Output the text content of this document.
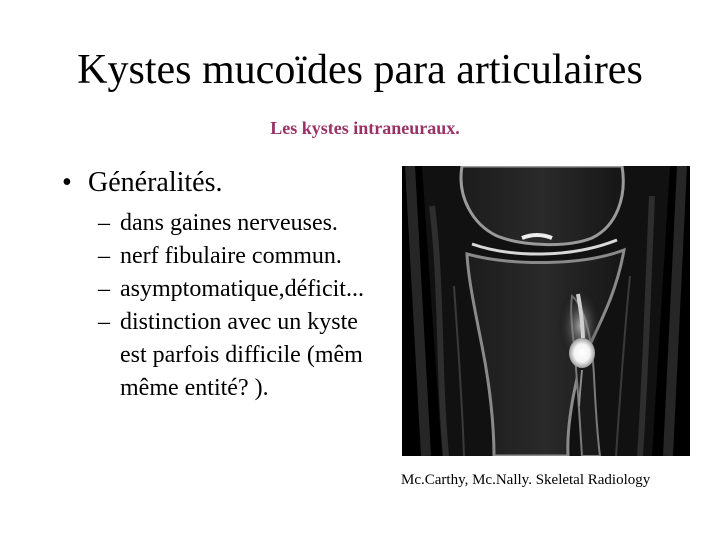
Kystes mucoïdes para articulaires
Les kystes intraneuraux.
• Généralités.
– dans gaines nerveuses.
– nerf fibulaire commun.
– asymptomatique,déficit...
– distinction avec un kyste
est parfois difficile (mêm
même entité? ).
Mc.Carthy, Mc.Nally. Skeletal Radiology
